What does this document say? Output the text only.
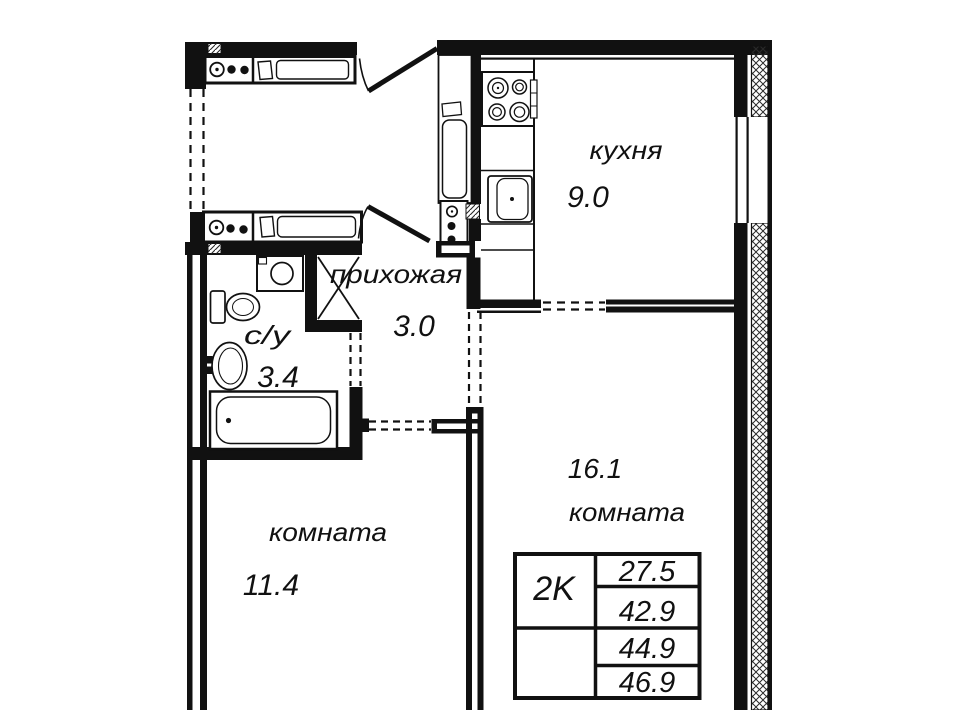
кухня
9.0
прихожая
3.0
с/у
3.4
16.1
комната
комната
11.4	2K 27.5
42.9
44.9
46.9
